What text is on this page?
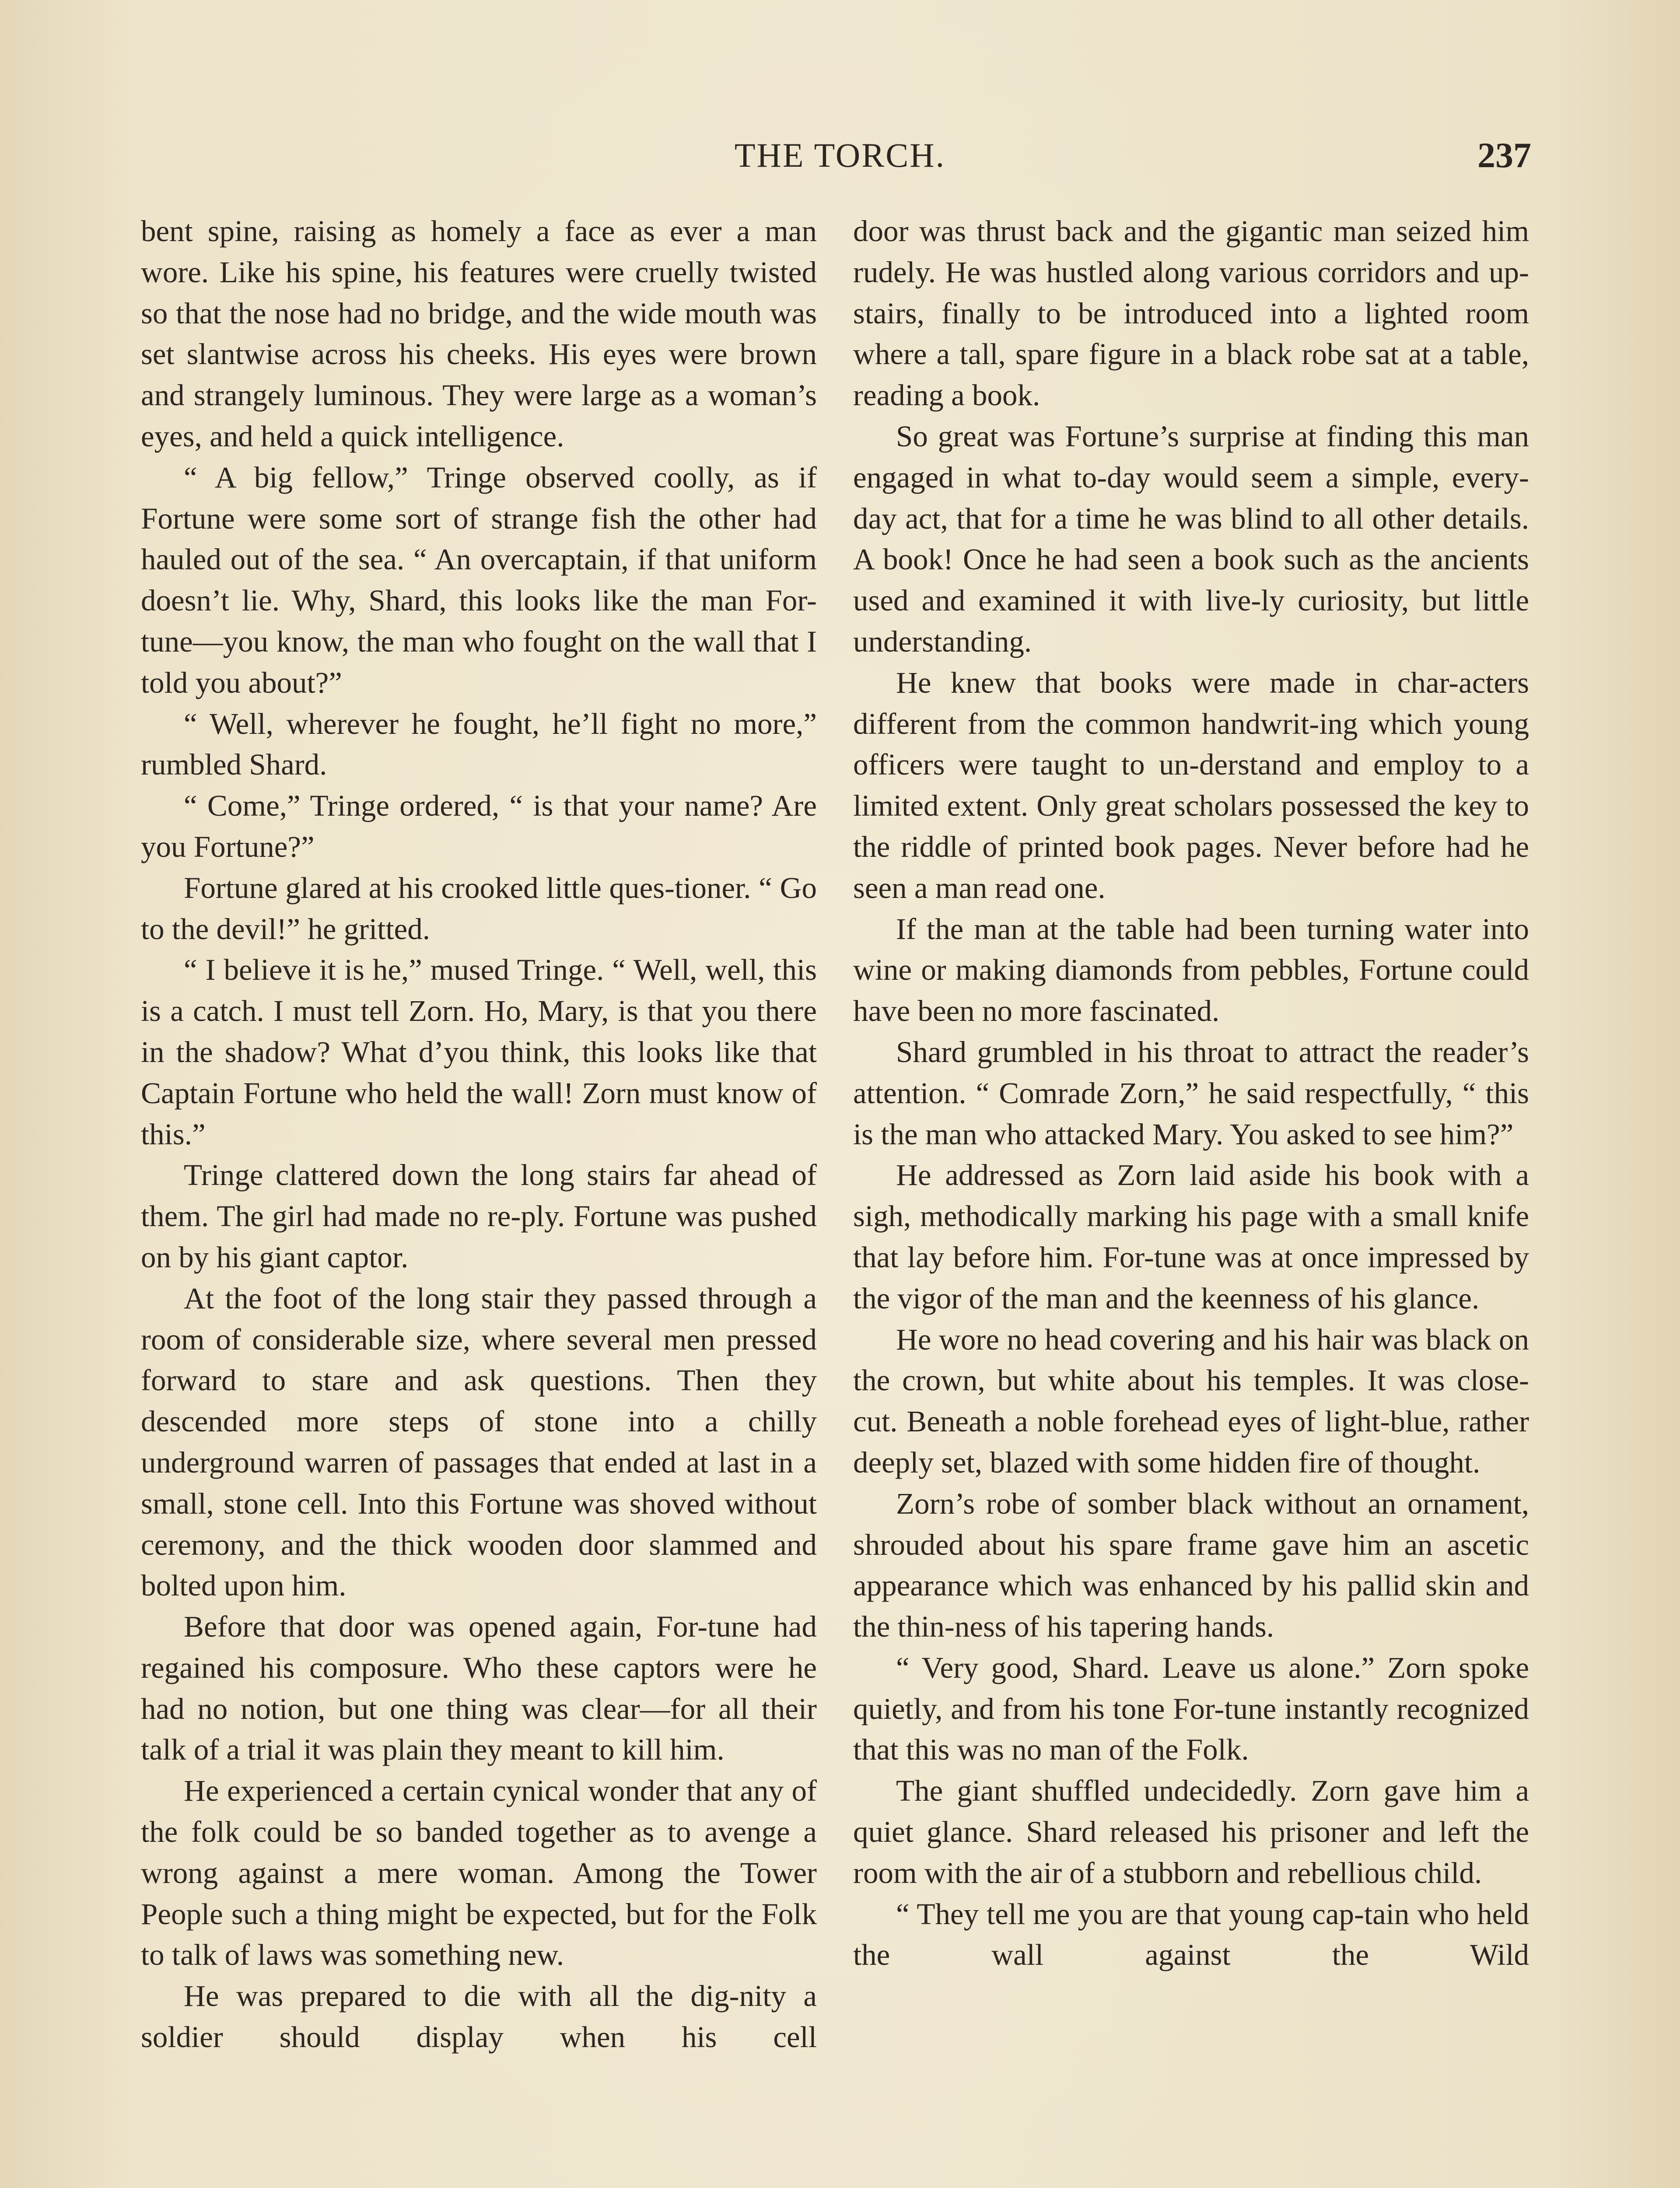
THE TORCH.	237

bent spine, raising as homely a face as ever a man wore. Like his spine, his features were cruelly twisted so that the nose had no bridge, and the wide mouth was set slantwise across his cheeks. His eyes were brown and strangely luminous. They were large as a woman’s eyes, and held a quick intelligence.

“ A big fellow,” Tringe observed coolly, as if Fortune were some sort of strange fish the other had hauled out of the sea. “ An overcaptain, if that uniform doesn’t lie. Why, Shard, this looks like the man For-tune—you know, the man who fought on the wall that I told you about?”

“ Well, wherever he fought, he’ll fight no more,” rumbled Shard.

“ Come,” Tringe ordered, “ is that your name? Are you Fortune?”

Fortune glared at his crooked little ques-tioner. “ Go to the devil!” he gritted.

“ I believe it is he,” mused Tringe. “ Well, well, this is a catch. I must tell Zorn. Ho, Mary, is that you there in the shadow? What d’you think, this looks like that Captain Fortune who held the wall! Zorn must know of this.”

Tringe clattered down the long stairs far ahead of them. The girl had made no re-ply. Fortune was pushed on by his giant captor.

At the foot of the long stair they passed through a room of considerable size, where several men pressed forward to stare and ask questions. Then they descended more steps of stone into a chilly underground warren of passages that ended at last in a small, stone cell. Into this Fortune was shoved without ceremony, and the thick wooden door slammed and bolted upon him.

Before that door was opened again, For-tune had regained his composure. Who these captors were he had no notion, but one thing was clear—for all their talk of a trial it was plain they meant to kill him.

He experienced a certain cynical wonder that any of the folk could be so banded together as to avenge a wrong against a mere woman. Among the Tower People such a thing might be expected, but for the Folk to talk of laws was something new.

He was prepared to die with all the dig-nity a soldier should display when his cell

door was thrust back and the gigantic man seized him rudely. He was hustled along various corridors and up-stairs, finally to be introduced into a lighted room where a tall, spare figure in a black robe sat at a table, reading a book.

So great was Fortune’s surprise at finding this man engaged in what to-day would seem a simple, every-day act, that for a time he was blind to all other details. A book! Once he had seen a book such as the ancients used and examined it with live-ly curiosity, but little understanding.

He knew that books were made in char-acters different from the common handwrit-ing which young officers were taught to un-derstand and employ to a limited extent. Only great scholars possessed the key to the riddle of printed book pages. Never before had he seen a man read one.

If the man at the table had been turning water into wine or making diamonds from pebbles, Fortune could have been no more fascinated.

Shard grumbled in his throat to attract the reader’s attention. “ Comrade Zorn,” he said respectfully, “ this is the man who attacked Mary. You asked to see him?”

He addressed as Zorn laid aside his book with a sigh, methodically marking his page with a small knife that lay before him. For-tune was at once impressed by the vigor of the man and the keenness of his glance.

He wore no head covering and his hair was black on the crown, but white about his temples. It was close-cut. Beneath a noble forehead eyes of light-blue, rather deeply set, blazed with some hidden fire of thought.

Zorn’s robe of somber black without an ornament, shrouded about his spare frame gave him an ascetic appearance which was enhanced by his pallid skin and the thin-ness of his tapering hands.

“ Very good, Shard. Leave us alone.” Zorn spoke quietly, and from his tone For-tune instantly recognized that this was no man of the Folk.

The giant shuffled undecidedly. Zorn gave him a quiet glance. Shard released his prisoner and left the room with the air of a stubborn and rebellious child.

“ They tell me you are that young cap-tain who held the wall against the Wild
